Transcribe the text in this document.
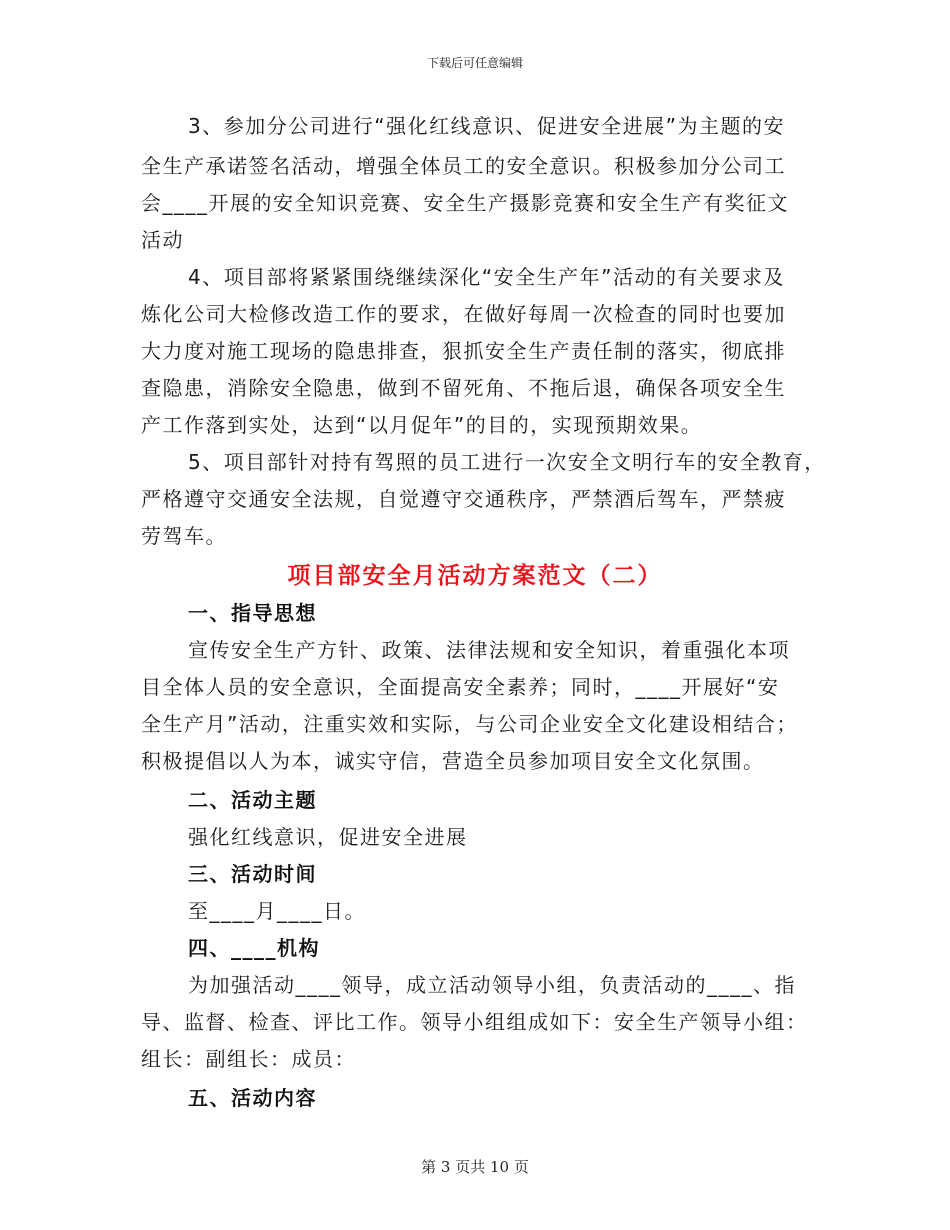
下载后可任意编辑
3、参加分公司进行“强化红线意识、促进安全进展”为主题的安
全生产承诺签名活动，增强全体员工的安全意识。积极参加分公司工
会____开展的安全知识竞赛、安全生产摄影竞赛和安全生产有奖征文
活动
4、项目部将紧紧围绕继续深化“安全生产年”活动的有关要求及
炼化公司大检修改造工作的要求，在做好每周一次检查的同时也要加
大力度对施工现场的隐患排查，狠抓安全生产责任制的落实，彻底排
查隐患，消除安全隐患，做到不留死角、不拖后退，确保各项安全生
产工作落到实处，达到“以月促年”的目的，实现预期效果。
5、项目部针对持有驾照的员工进行一次安全文明行车的安全教育，
严格遵守交通安全法规，自觉遵守交通秩序，严禁酒后驾车，严禁疲
劳驾车。
项目部安全月活动方案范文（二）
一、指导思想
宣传安全生产方针、政策、法律法规和安全知识，着重强化本项
目全体人员的安全意识，全面提高安全素养；同时，____开展好“安
全生产月”活动，注重实效和实际，与公司企业安全文化建设相结合；
积极提倡以人为本，诚实守信，营造全员参加项目安全文化氛围。
二、活动主题
强化红线意识，促进安全进展
三、活动时间
至____月____日。
四、____机构
为加强活动____领导，成立活动领导小组，负责活动的____、指
导、监督、检查、评比工作。领导小组组成如下：安全生产领导小组：
组长：副组长：成员：
五、活动内容
第 3 页共 10 页
